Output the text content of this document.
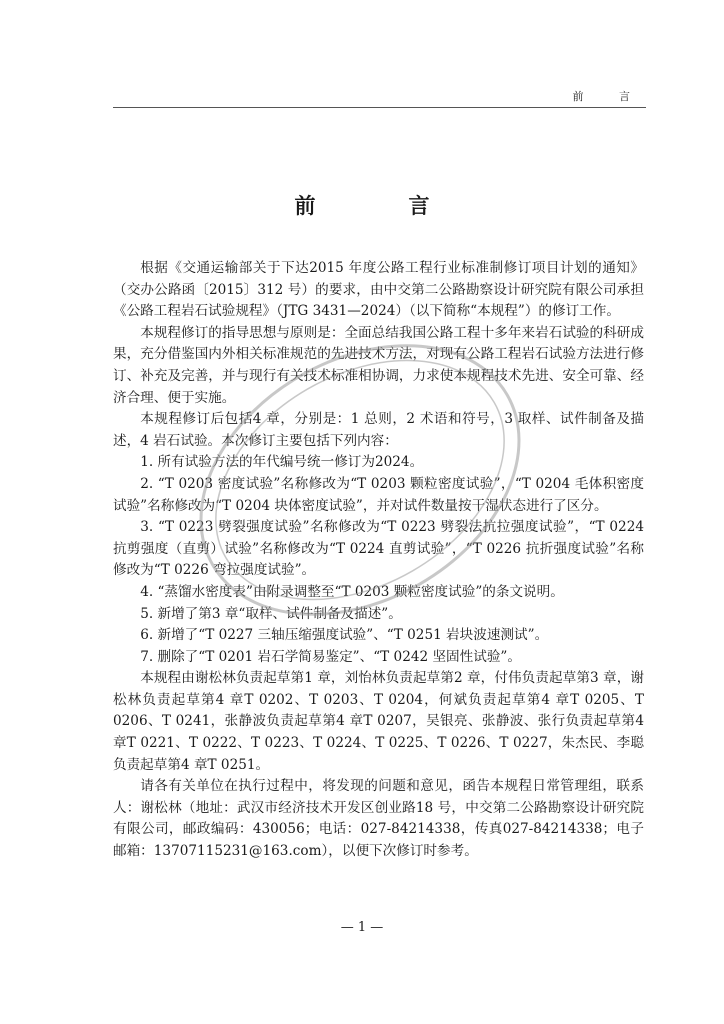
前 言
前　言

根据《交通运输部关于下达2015 年度公路工程行业标准制修订项目计划的通知》（交办公路函〔2015〕312 号）的要求，由中交第二公路勘察设计研究院有限公司承担《公路工程岩石试验规程》（JTG 3431—2024）（以下简称“本规程”）的修订工作。

本规程修订的指导思想与原则是：全面总结我国公路工程十多年来岩石试验的科研成果，充分借鉴国内外相关标准规范的先进技术方法，对现有公路工程岩石试验方法进行修订、补充及完善，并与现行有关技术标准相协调，力求使本规程技术先进、安全可靠、经济合理、便于实施。

本规程修订后包括4 章，分别是：1 总则，2 术语和符号，3 取样、试件制备及描述，4 岩石试验。本次修订主要包括下列内容：

1. 所有试验方法的年代编号统一修订为2024。

2. “T 0203 密度试验”名称修改为“T 0203 颗粒密度试验”，“T 0204 毛体积密度试验”名称修改为“T 0204 块体密度试验”，并对试件数量按干湿状态进行了区分。

3. “T 0223 劈裂强度试验”名称修改为“T 0223 劈裂法抗拉强度试验”，“T 0224 抗剪强度（直剪）试验”名称修改为“T 0224 直剪试验”，“T 0226 抗折强度试验”名称修改为“T 0226 弯拉强度试验”。

4. “蒸馏水密度表”由附录调整至“T 0203 颗粒密度试验”的条文说明。

5. 新增了第3 章“取样、试件制备及描述”。

6. 新增了“T 0227 三轴压缩强度试验”、“T 0251 岩块波速测试”。

7. 删除了“T 0201 岩石学简易鉴定”、“T 0242 坚固性试验”。

本规程由谢松林负责起草第1 章，刘怡林负责起草第2 章，付伟负责起草第3 章，谢松林负责起草第4 章T 0202、T 0203、T 0204，何斌负责起草第4 章T 0205、T 0206、T 0241，张静波负责起草第4 章T 0207，吴银亮、张静波、张行负责起草第4 章T 0221、T 0222、T 0223、T 0224、T 0225、T 0226、T 0227，朱杰民、李聪负责起草第4 章T 0251。

请各有关单位在执行过程中，将发现的问题和意见，函告本规程日常管理组，联系人：谢松林（地址：武汉市经济技术开发区创业路18 号，中交第二公路勘察设计研究院有限公司，邮政编码：430056；电话：027-84214338，传真027-84214338；电子邮箱：13707115231@163.com），以便下次修订时参考。

— 1 —
